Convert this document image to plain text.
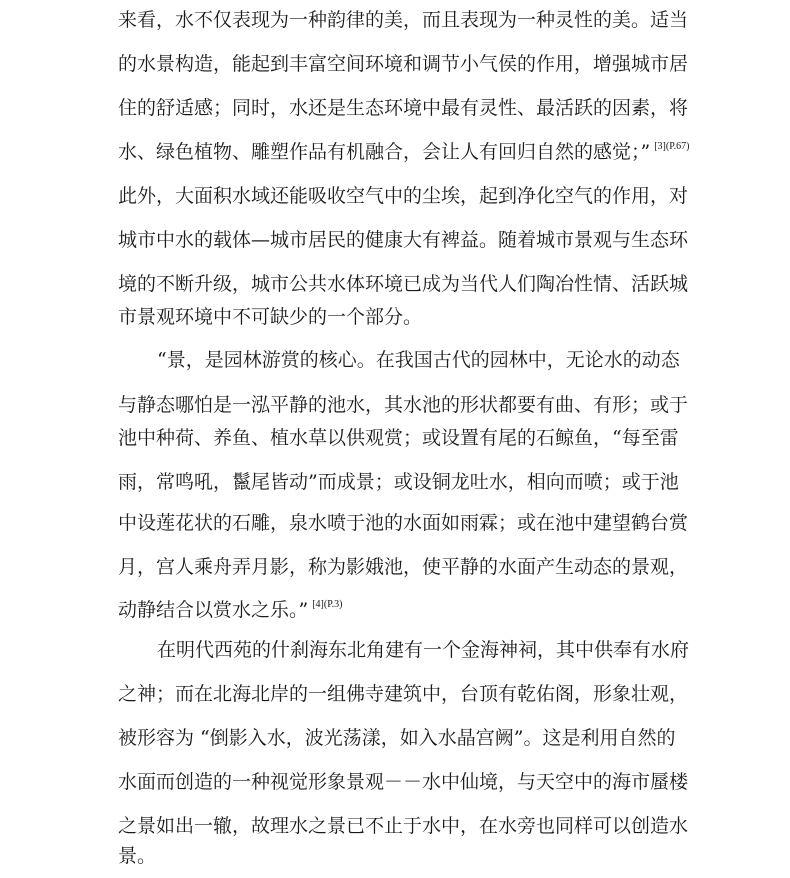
来看，水不仅表现为一种韵律的美，而且表现为一种灵性的美。适当
的水景构造，能起到丰富空间环境和调节小气侯的作用，增强城市居
住的舒适感；同时，水还是生态环境中最有灵性、最活跃的因素，将
水、绿色植物、雕塑作品有机融合，会让人有回归自然的感觉；” $^{[3](P.67)}$
此外，大面积水域还能吸收空气中的尘埃，起到净化空气的作用，对
城市中水的载体—城市居民的健康大有裨益。随着城市景观与生态环
境的不断升级，城市公共水体环境已成为当代人们陶冶性情、活跃城
市景观环境中不可缺少的一个部分。
“景，是园林游赏的核心。在我国古代的园林中，无论水的动态
与静态哪怕是一泓平静的池水，其水池的形状都要有曲、有形；或于
池中种荷、养鱼、植水草以供观赏；或设置有尾的石鲸鱼，“每至雷
雨，常鸣吼，鬣尾皆动”而成景；或设铜龙吐水，相向而喷；或于池
中设莲花状的石雕，泉水喷于池的水面如雨霖；或在池中建望鹤台赏
月，宫人乘舟弄月影，称为影娥池，使平静的水面产生动态的景观，
动静结合以赏水之乐。” $^{[4](P.3)}$
在明代西苑的什刹海东北角建有一个金海神祠，其中供奉有水府
之神；而在北海北岸的一组佛寺建筑中，台顶有乾佑阁，形象壮观，
被形容为 “倒影入水，波光荡漾，如入水晶宫阙”。这是利用自然的
水面而创造的一种视觉形象景观－－水中仙境，与天空中的海市蜃楼
之景如出一辙，故理水之景已不止于水中，在水旁也同样可以创造水
景。
